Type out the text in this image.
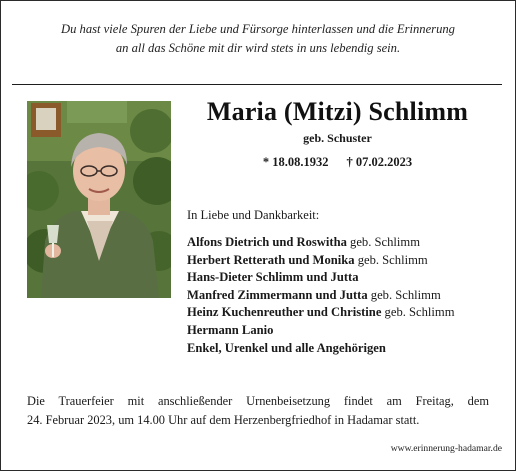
Du hast viele Spuren der Liebe und Fürsorge hinterlassen und die Erinnerung
an all das Schöne mit dir wird stets in uns lebendig sein.
Maria (Mitzi) Schlimm
geb. Schuster
* 18.08.1932 † 07.02.2023
In Liebe und Dankbarkeit:
Alfons Dietrich und Roswitha geb. Schlimm
Herbert Retterath und Monika geb. Schlimm
Hans-Dieter Schlimm und Jutta
Manfred Zimmermann und Jutta geb. Schlimm
Heinz Kuchenreuther und Christine geb. Schlimm
Hermann Lanio
Enkel, Urenkel und alle Angehörigen
Die Trauerfeier mit anschließender Urnenbeisetzung findet am Freitag, dem
24. Februar 2023, um 14.00 Uhr auf dem Herzenbergfriedhof in Hadamar statt.
www.erinnerung-hadamar.de
